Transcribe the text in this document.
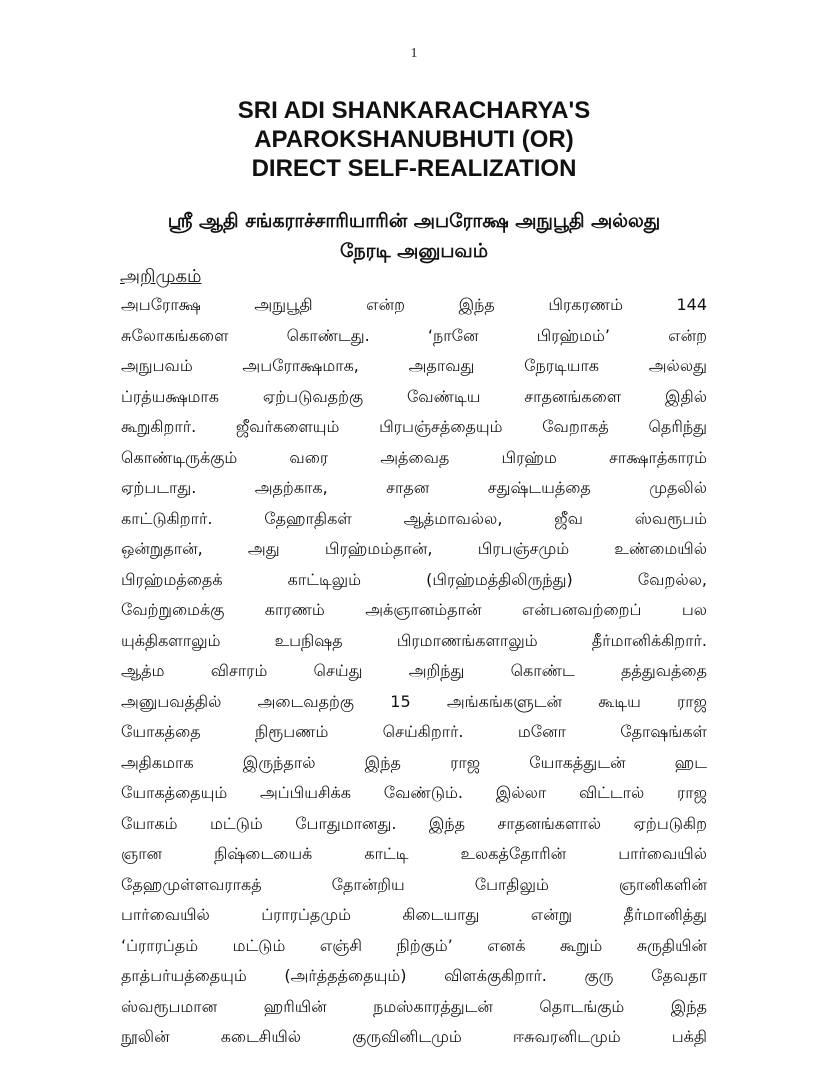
1
SRI ADI SHANKARACHARYA'S
APAROKSHANUBHUTI (OR)
DIRECT SELF-REALIZATION
ஸ்ரீ ஆதி சங்கராச்சாரியாரின் அபரோக்ஷ அநுபூதி அல்லது
நேரடி அனுபவம்
அறிமுகம்
அபரோக்ஷ அநுபூதி என்ற இந்த பிரகரணம் 144
சுலோகங்களை கொண்டது. ‘நானே பிரஹ்மம்’ என்ற
அநுபவம் அபரோக்ஷமாக, அதாவது நேரடியாக அல்லது
ப்ரத்யக்ஷமாக ஏற்படுவதற்கு வேண்டிய சாதனங்களை இதில்
கூறுகிறார். ஜீவர்களையும் பிரபஞ்சத்தையும் வேறாகத் தெரிந்து
கொண்டிருக்கும் வரை அத்வைத பிரஹ்ம சாக்ஷாத்காரம்
ஏற்படாது. அதற்காக, சாதன சதுஷ்டயத்தை முதலில்
காட்டுகிறார். தேஹாதிகள் ஆத்மாவல்ல, ஜீவ ஸ்வரூபம்
ஒன்றுதான், அது பிரஹ்மம்தான், பிரபஞ்சமும் உண்மையில்
பிரஹ்மத்தைக் காட்டிலும் (பிரஹ்மத்திலிருந்து) வேறல்ல,
வேற்றுமைக்கு காரணம் அக்ஞானம்தான் என்பனவற்றைப் பல
யுக்திகளாலும் உபநிஷத பிரமாணங்களாலும் தீர்மானிக்கிறார்.
ஆத்ம விசாரம் செய்து அறிந்து கொண்ட தத்துவத்தை
அனுபவத்தில் அடைவதற்கு 15 அங்கங்களுடன் கூடிய ராஜ
யோகத்தை நிரூபணம் செய்கிறார். மனோ தோஷங்கள்
அதிகமாக இருந்தால் இந்த ராஜ யோகத்துடன் ஹட
யோகத்தையும் அப்பியசிக்க வேண்டும். இல்லா விட்டால் ராஜ
யோகம் மட்டும் போதுமானது. இந்த சாதனங்களால் ஏற்படுகிற
ஞான நிஷ்டையைக் காட்டி உலகத்தோரின் பார்வையில்
தேஹமுள்ளவராகத் தோன்றிய போதிலும் ஞானிகளின்
பார்வையில் ப்ராரப்தமும் கிடையாது என்று தீர்மானித்து
‘ப்ராரப்தம் மட்டும் எஞ்சி நிற்கும்’ எனக் கூறும் சுருதியின்
தாத்பர்யத்தையும் (அர்த்தத்தையும்) விளக்குகிறார். குரு தேவதா
ஸ்வரூபமான ஹரியின் நமஸ்காரத்துடன் தொடங்கும் இந்த
நூலின் கடைசியில் குருவினிடமும் ஈசுவரனிடமும் பக்தி
